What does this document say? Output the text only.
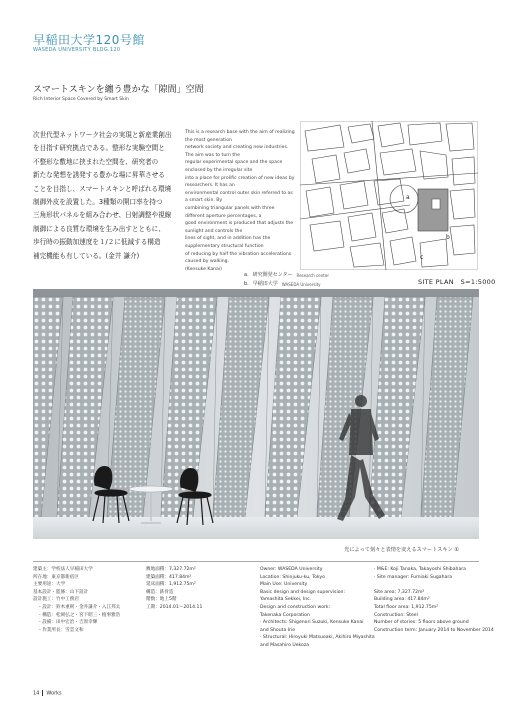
早稲田大学120号館
WASEDA UNIVERSITY BLDG.120
スマートスキンを纏う豊かな「隙間」空間
Rich Interior Space Covered by Smart Skin
次世代型ネットワーク社会の実現と新産業創出
を目指す研究拠点である。整形な実験空間と
不整形な敷地に挟まれた空間を、研究者の
新たな発想を誘発する豊かな場に昇華させる
ことを目指し、スマートスキンと呼ばれる環境
制御外皮を設置した。3種類の開口率を持つ
三角形状パネルを組み合わせ、日射調整や視線
制御による良質な環境を生み出すとともに、
歩行時の振動加速度を１/２に低減する構造
補完機能も有している。(金井 謙介)
This is a research base with the aim of realizing the most generation
network society and creating new industries. The aim was to turn the
regular experimental space and the space enclosed by the irregular site
into a place for prolific creation of new ideas by researchers. It has an
environmental control outer skin referred to as a smart skin. By
combining triangular panels with three different aperture percentages, a
good environment is produced that adjusts the sunlight and controls the
lines of sight, and in addition has the supplementary structural function
of reducing by half the vibration accelerations caused by walking.
(Kensuke Kanai)
a
b
c
a. 研究開発センター Research center
b. 早稲田大学 WASEDA University	SITE PLAN　S=1:5000
光によって刻々と表情を変えるスマートスキン ①
建築主：学校法人早稲田大学
所在地：東京都新宿区
主要用途：大学
基本設計・監修：山下設計
設計施工：竹中工務店
　・設計：鈴木重則・金井謙介・入江邦太
　・構造：松岡弘之・宮下昭三・植事雅浩
　・設備：田中宏治・吉原幸輝
　・作業所長：雪雲文和
敷地面積：7,327.72m²
建築面積：417.84m²
延床面積：1,912.75m²
構造：鉄骨造
階数：地上5階
工期：2014.01～2014.11
Owner: WASEDA University
Location: Shinjuku-ku, Tokyo
Main Use: University
Basic design and design supervision:
Yamashita Sekkei, Inc.
Design and construction work:
Takenaka Corporation
· Architects: Shigenori Suzuki, Kensuke Kanai
and Shouta Irie
· Structural: Hiroyuki Matsuoaki, Akihiro Miyashita
and Masahiro Uekoza
· M&E: Koji Tanaka, Takayoshi Shibahara
· Site manager: Fumiaki Sugahara

Site area: 7,327.72m²
Building area: 417.84m²
Total floor area: 1,912.75m²
Construction: Steel
Number of stories: 5 floors above ground
Construction term: January 2014 to November 2014
14 Works
